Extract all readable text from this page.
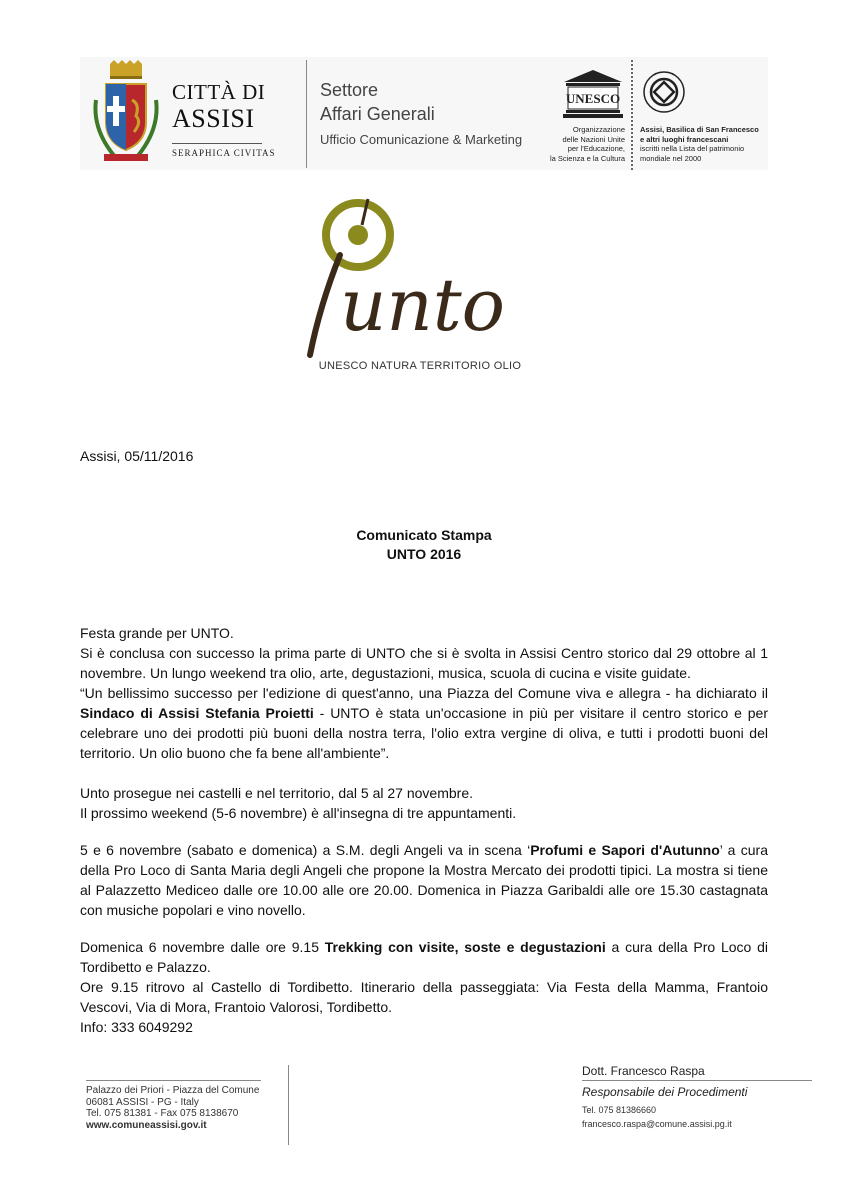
CITTÀ DI
ASSISI
SERAPHICA CIVITAS
Settore
Affari Generali
Ufficio Comunicazione & Marketing
UNESCO
Organizzazione
delle Nazioni Unite
per l'Educazione,
la Scienza e la Cultura
Assisi, Basilica di San Francesco
e altri luoghi francescani
iscritti nella Lista del patrimonio
mondiale nel 2000
unto
UNESCO NATURA TERRITORIO OLIO
Assisi, 05/11/2016
Comunicato Stampa
UNTO 2016
Festa grande per UNTO.
Si è conclusa con successo la prima parte di UNTO che si è svolta in Assisi Centro storico dal 29 ottobre al 1 novembre. Un lungo weekend tra olio, arte, degustazioni, musica, scuola di cucina e visite guidate.
“Un bellissimo successo per l'edizione di quest'anno, una Piazza del Comune viva e allegra - ha dichiarato il Sindaco di Assisi Stefania Proietti - UNTO è stata un'occasione in più per visitare il centro storico e per celebrare uno dei prodotti più buoni della nostra terra, l'olio extra vergine di oliva, e tutti i prodotti buoni del territorio. Un olio buono che fa bene all'ambiente”.
Unto prosegue nei castelli e nel territorio, dal 5 al 27 novembre.
Il prossimo weekend (5-6 novembre) è all'insegna di tre appuntamenti.
5 e 6 novembre (sabato e domenica) a S.M. degli Angeli va in scena ‘Profumi e Sapori d'Autunno’ a cura della Pro Loco di Santa Maria degli Angeli che propone la Mostra Mercato dei prodotti tipici. La mostra si tiene al Palazzetto Mediceo dalle ore 10.00 alle ore 20.00. Domenica in Piazza Garibaldi alle ore 15.30 castagnata con musiche popolari e vino novello.
Domenica 6 novembre dalle ore 9.15 Trekking con visite, soste e degustazioni a cura della Pro Loco di Tordibetto e Palazzo.
Ore 9.15 ritrovo al Castello di Tordibetto. Itinerario della passeggiata: Via Festa della Mamma, Frantoio Vescovi, Via di Mora, Frantoio Valorosi, Tordibetto.
Info: 333 6049292
Palazzo dei Priori - Piazza del Comune
06081 ASSISI - PG - Italy
Tel. 075 81381 - Fax 075 8138670
www.comuneassisi.gov.it
Dott. Francesco Raspa
Responsabile dei Procedimenti
Tel. 075 81386660
francesco.raspa@comune.assisi.pg.it
